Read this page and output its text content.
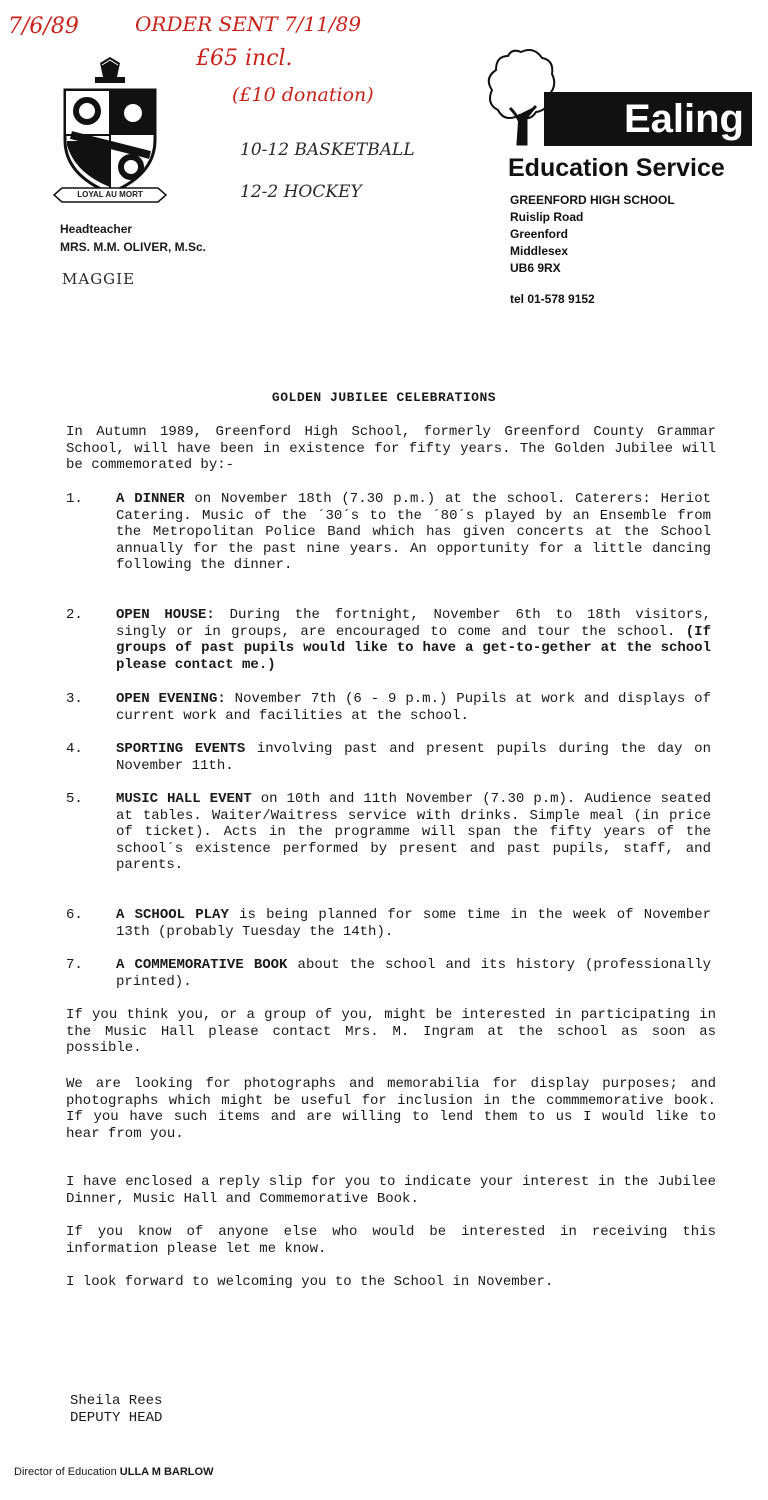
7/6/89	ORDER SENT 7/11/89
£65 incl.
(£10 donation)
10-12 BASKETBALL
12-2 HOCKEY
MAGGIE
LOYAL AU MORT
Headteacher
MRS. M.M. OLIVER, M.Sc.
Ealing
Education Service
GREENFORD HIGH SCHOOL
Ruislip Road
Greenford
Middlesex
UB6 9RX
tel 01-578 9152
GOLDEN JUBILEE CELEBRATIONS
In Autumn 1989, Greenford High School, formerly Greenford County Grammar School, will have been in existence for fifty years. The Golden Jubilee will be commemorated by:-
1. A DINNER on November 18th (7.30 p.m.) at the school. Caterers: Heriot Catering. Music of the ´30´s to the ´80´s played by an Ensemble from the Metropolitan Police Band which has given concerts at the School annually for the past nine years. An opportunity for a little dancing following the dinner.
2. OPEN HOUSE: During the fortnight, November 6th to 18th visitors, singly or in groups, are encouraged to come and tour the school. (If groups of past pupils would like to have a get-to-gether at the school please contact me.)
3. OPEN EVENING: November 7th (6 - 9 p.m.) Pupils at work and displays of current work and facilities at the school.
4. SPORTING EVENTS involving past and present pupils during the day on November 11th.
5. MUSIC HALL EVENT on 10th and 11th November (7.30 p.m). Audience seated at tables. Waiter/Waitress service with drinks. Simple meal (in price of ticket). Acts in the programme will span the fifty years of the school´s existence performed by present and past pupils, staff, and parents.
6. A SCHOOL PLAY is being planned for some time in the week of November 13th (probably Tuesday the 14th).
7. A COMMEMORATIVE BOOK about the school and its history (professionally printed).
If you think you, or a group of you, might be interested in participating in the Music Hall please contact Mrs. M. Ingram at the school as soon as possible.
We are looking for photographs and memorabilia for display purposes; and photographs which might be useful for inclusion in the commmemorative book. If you have such items and are willing to lend them to us I would like to hear from you.
I have enclosed a reply slip for you to indicate your interest in the Jubilee Dinner, Music Hall and Commemorative Book.
If you know of anyone else who would be interested in receiving this information please let me know.
I look forward to welcoming you to the School in November.
Sheila Rees
DEPUTY HEAD
Director of Education ULLA M BARLOW
